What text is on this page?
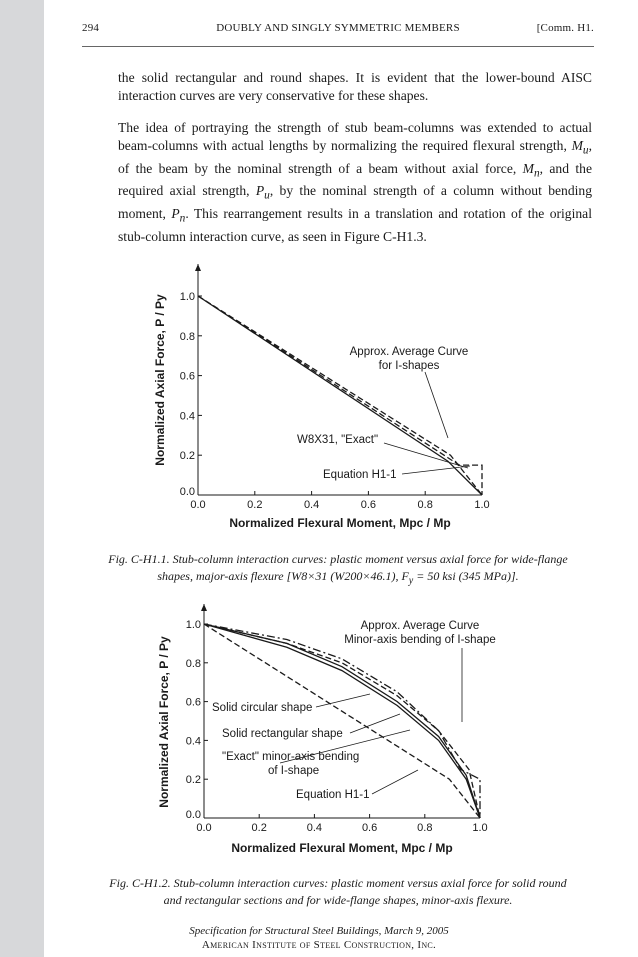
294	DOUBLY AND SINGLY SYMMETRIC MEMBERS	[Comm. H1.

the solid rectangular and round shapes. It is evident that the lower-bound AISC interaction curves are very conservative for these shapes.

The idea of portraying the strength of stub beam-columns was extended to actual beam-columns with actual lengths by normalizing the required flexural strength, $M_u$, of the beam by the nominal strength of a beam without axial force, $M_n$, and the required axial strength, $P_u$, by the nominal strength of a column without bending moment, $P_n$. This rearrangement results in a translation and rotation of the original stub-column interaction curve, as seen in Figure C-H1.3.

Normalized Axial Force, P / Py
Normalized Flexural Moment, Mpc / Mp
Approx. Average Curve
for I-shapes
W8X31, "Exact"
Equation H1-1
0.0	0.2	0.4	0.6	0.8	1.0
0.0
0.2
0.4
0.6
0.8
1.0
Normalized Axial Force, P / Py
Normalized Flexural Moment, Mpc / Mp
Approx. Average Curve
Minor-axis bending of I-shape
Solid circular shape
Solid rectangular shape
"Exact" minor-axis bending
of I-shape
Equation H1-1
0.0	0.2	0.4	0.6	0.8	1.0
0.0
0.2
0.4
0.6
0.8
1.0

Fig. C-H1.1. Stub-column interaction curves: plastic moment versus axial force for wide-flange
shapes, major-axis flexure [W8×31 (W200×46.1), $F_y = 50$ ksi (345 MPa)].

Fig. C-H1.2. Stub-column interaction curves: plastic moment versus axial force for solid round
and rectangular sections and for wide-flange shapes, minor-axis flexure.

Specification for Structural Steel Buildings, March 9, 2005
American Institute of Steel Construction, Inc.
